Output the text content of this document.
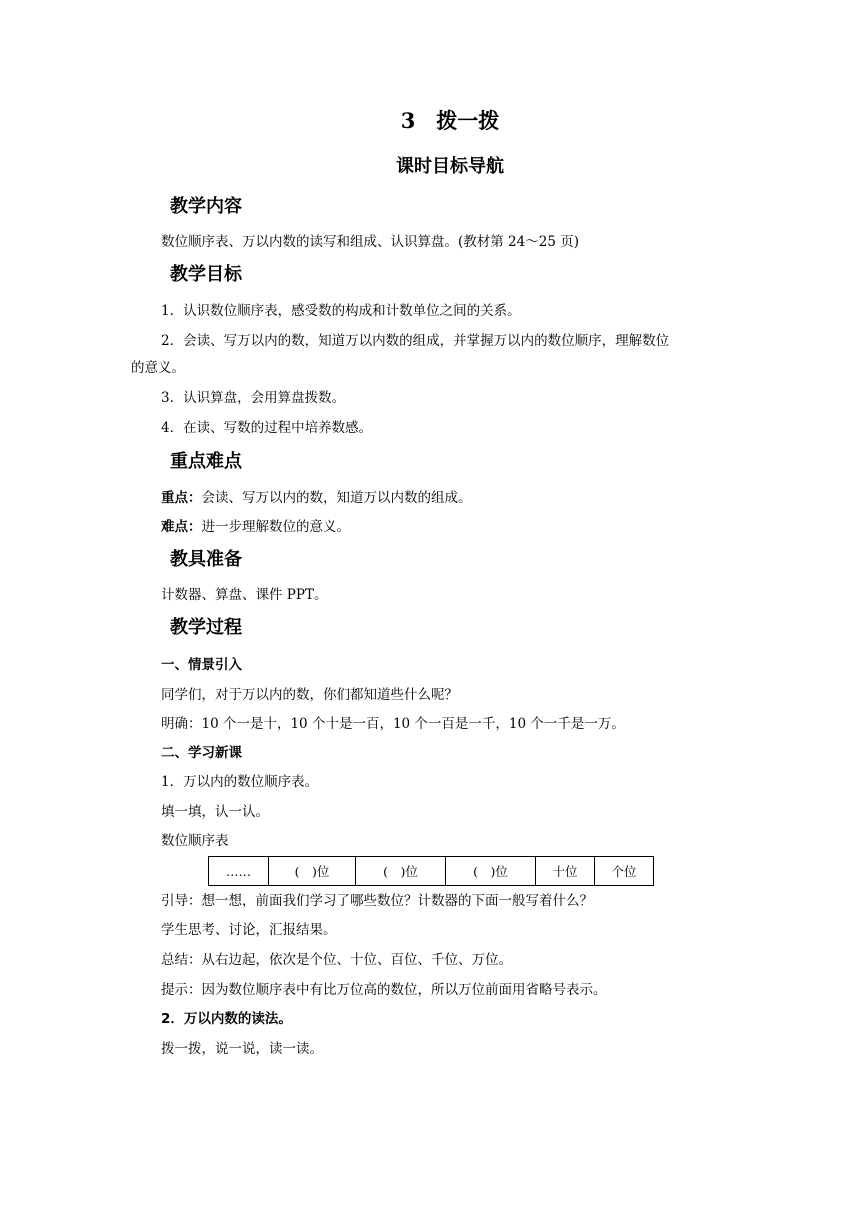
3　拨一拨
课时目标导航
教学内容
数位顺序表、万以内数的读写和组成、认识算盘。(教材第 24～25 页)
教学目标
1．认识数位顺序表，感受数的构成和计数单位之间的关系。
2．会读、写万以内的数，知道万以内数的组成，并掌握万以内的数位顺序，理解数位
的意义。
3．认识算盘，会用算盘拨数。
4．在读、写数的过程中培养数感。
重点难点
重点：会读、写万以内的数，知道万以内数的组成。
难点：进一步理解数位的意义。
教具准备
计数器、算盘、课件 PPT。
教学过程
一、情景引入
同学们，对于万以内的数，你们都知道些什么呢？
明确：10 个一是十，10 个十是一百，10 个一百是一千，10 个一千是一万。
二、学习新课
1．万以内的数位顺序表。
填一填，认一认。
数位顺序表
……	(　)位	(　)位	(　)位	十位	个位
引导：想一想，前面我们学习了哪些数位？计数器的下面一般写着什么？
学生思考、讨论，汇报结果。
总结：从右边起，依次是个位、十位、百位、千位、万位。
提示：因为数位顺序表中有比万位高的数位，所以万位前面用省略号表示。
2．万以内数的读法。
拨一拨，说一说，读一读。
